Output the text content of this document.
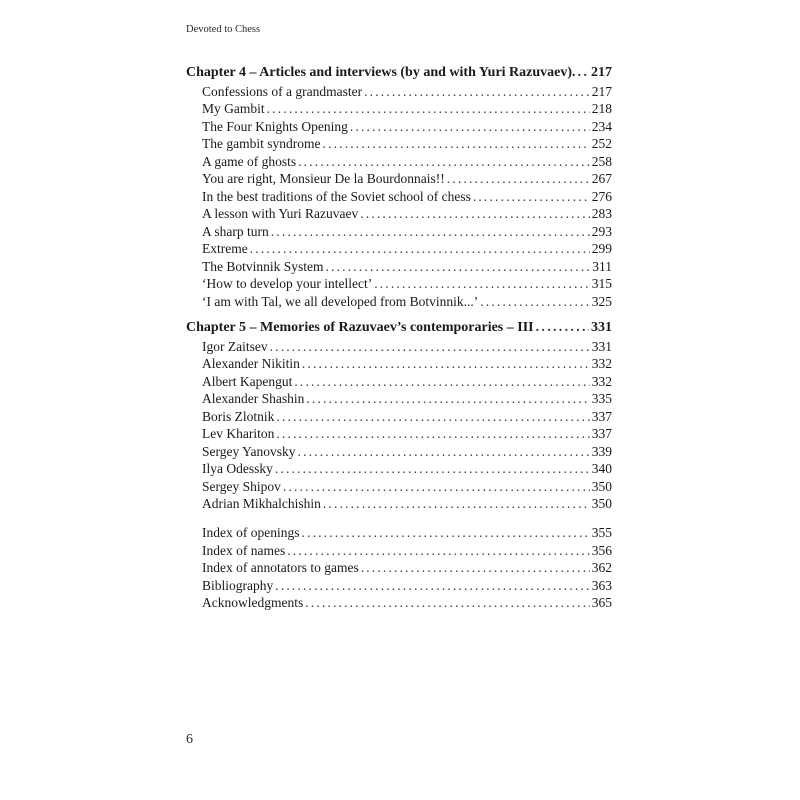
Devoted to Chess
Chapter 4 – Articles and interviews (by and with Yuri Razuvaev). . . . 217
Confessions of a grandmaster . . .	217
My Gambit . . .	218
The Four Knights Opening . . .	234
The gambit syndrome . . .	252
A game of ghosts . . .	258
You are right, Monsieur De la Bourdonnais!! . . .	267
In the best traditions of the Soviet school of chess . . .	276
A lesson with Yuri Razuvaev . . .	283
A sharp turn . . .	293
Extreme . . .	299
The Botvinnik System . . .	311
‘How to develop your intellect’ . . .	315
‘I am with Tal, we all developed from Botvinnik...’ . . .	325
Chapter 5 – Memories of Razuvaev’s contemporaries – III . . .	331
Igor Zaitsev . . .	331
Alexander Nikitin . . .	332
Albert Kapengut . . .	332
Alexander Shashin . . .	335
Boris Zlotnik . . .	337
Lev Khariton . . .	337
Sergey Yanovsky . . .	339
Ilya Odessky . . .	340
Sergey Shipov . . .	350
Adrian Mikhalchishin . . .	350
Index of openings . . .	355
Index of names . . .	356
Index of annotators to games . . .	362
Bibliography . . .	363
Acknowledgments . . .	365
6
